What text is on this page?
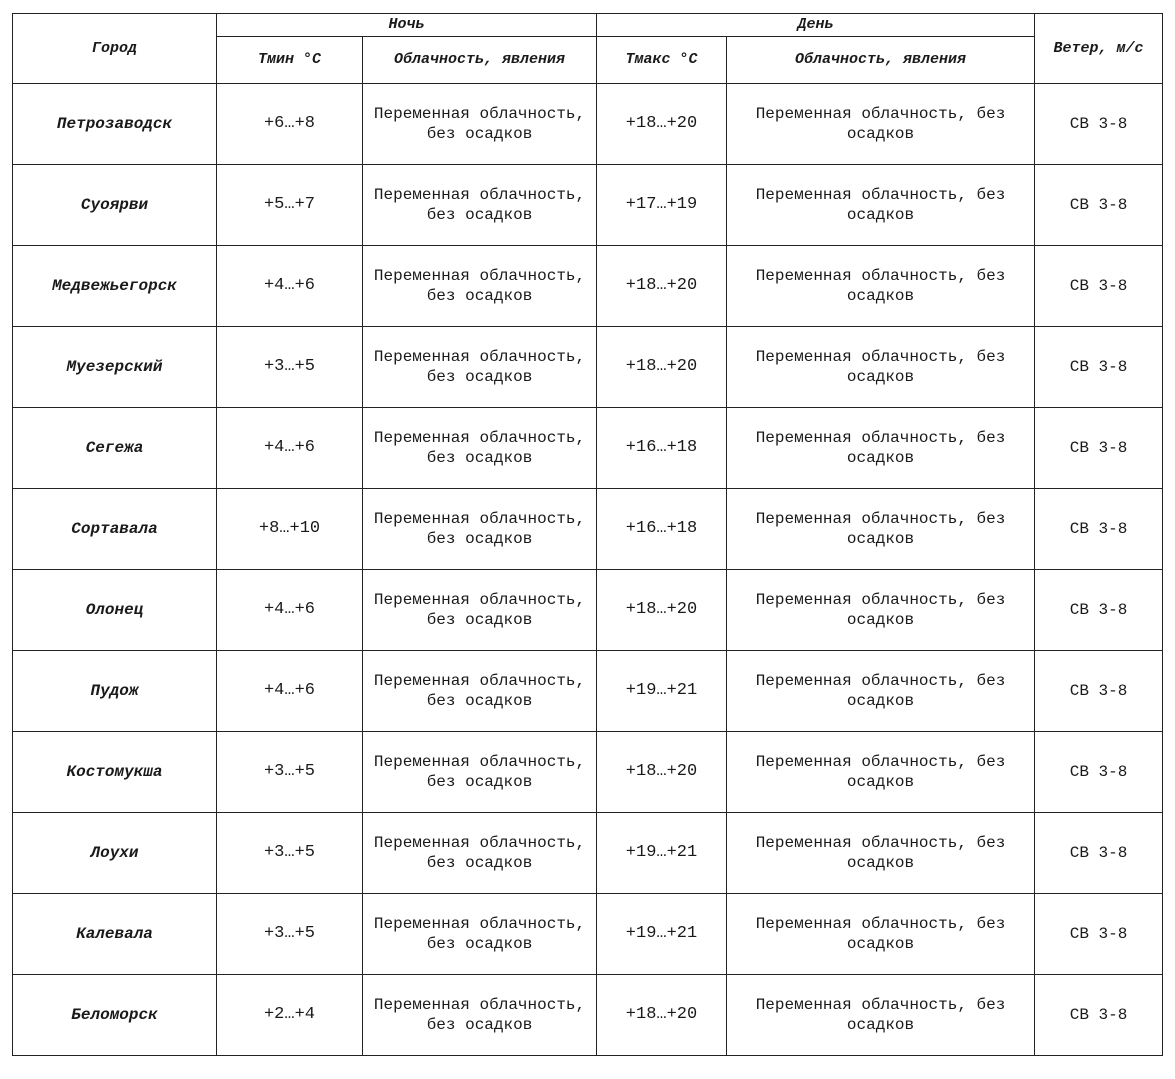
Город	Ночь		День		Ветер, м/с
	Тмин °C	Облачность, явления	Тмакс °C	Облачность, явления	
Петрозаводск	+6…+8	Переменная облачность, без осадков	+18…+20	Переменная облачность, без осадков	СВ 3-8
Суоярви	+5…+7	Переменная облачность, без осадков	+17…+19	Переменная облачность, без осадков	СВ 3-8
Медвежьегорск	+4…+6	Переменная облачность, без осадков	+18…+20	Переменная облачность, без осадков	СВ 3-8
Муезерский	+3…+5	Переменная облачность, без осадков	+18…+20	Переменная облачность, без осадков	СВ 3-8
Сегежа	+4…+6	Переменная облачность, без осадков	+16…+18	Переменная облачность, без осадков	СВ 3-8
Сортавала	+8…+10	Переменная облачность, без осадков	+16…+18	Переменная облачность, без осадков	СВ 3-8
Олонец	+4…+6	Переменная облачность, без осадков	+18…+20	Переменная облачность, без осадков	СВ 3-8
Пудож	+4…+6	Переменная облачность, без осадков	+19…+21	Переменная облачность, без осадков	СВ 3-8
Костомукша	+3…+5	Переменная облачность, без осадков	+18…+20	Переменная облачность, без осадков	СВ 3-8
Лоухи	+3…+5	Переменная облачность, без осадков	+19…+21	Переменная облачность, без осадков	СВ 3-8
Калевала	+3…+5	Переменная облачность, без осадков	+19…+21	Переменная облачность, без осадков	СВ 3-8
Беломорск	+2…+4	Переменная облачность, без осадков	+18…+20	Переменная облачность, без осадков	СВ 3-8
